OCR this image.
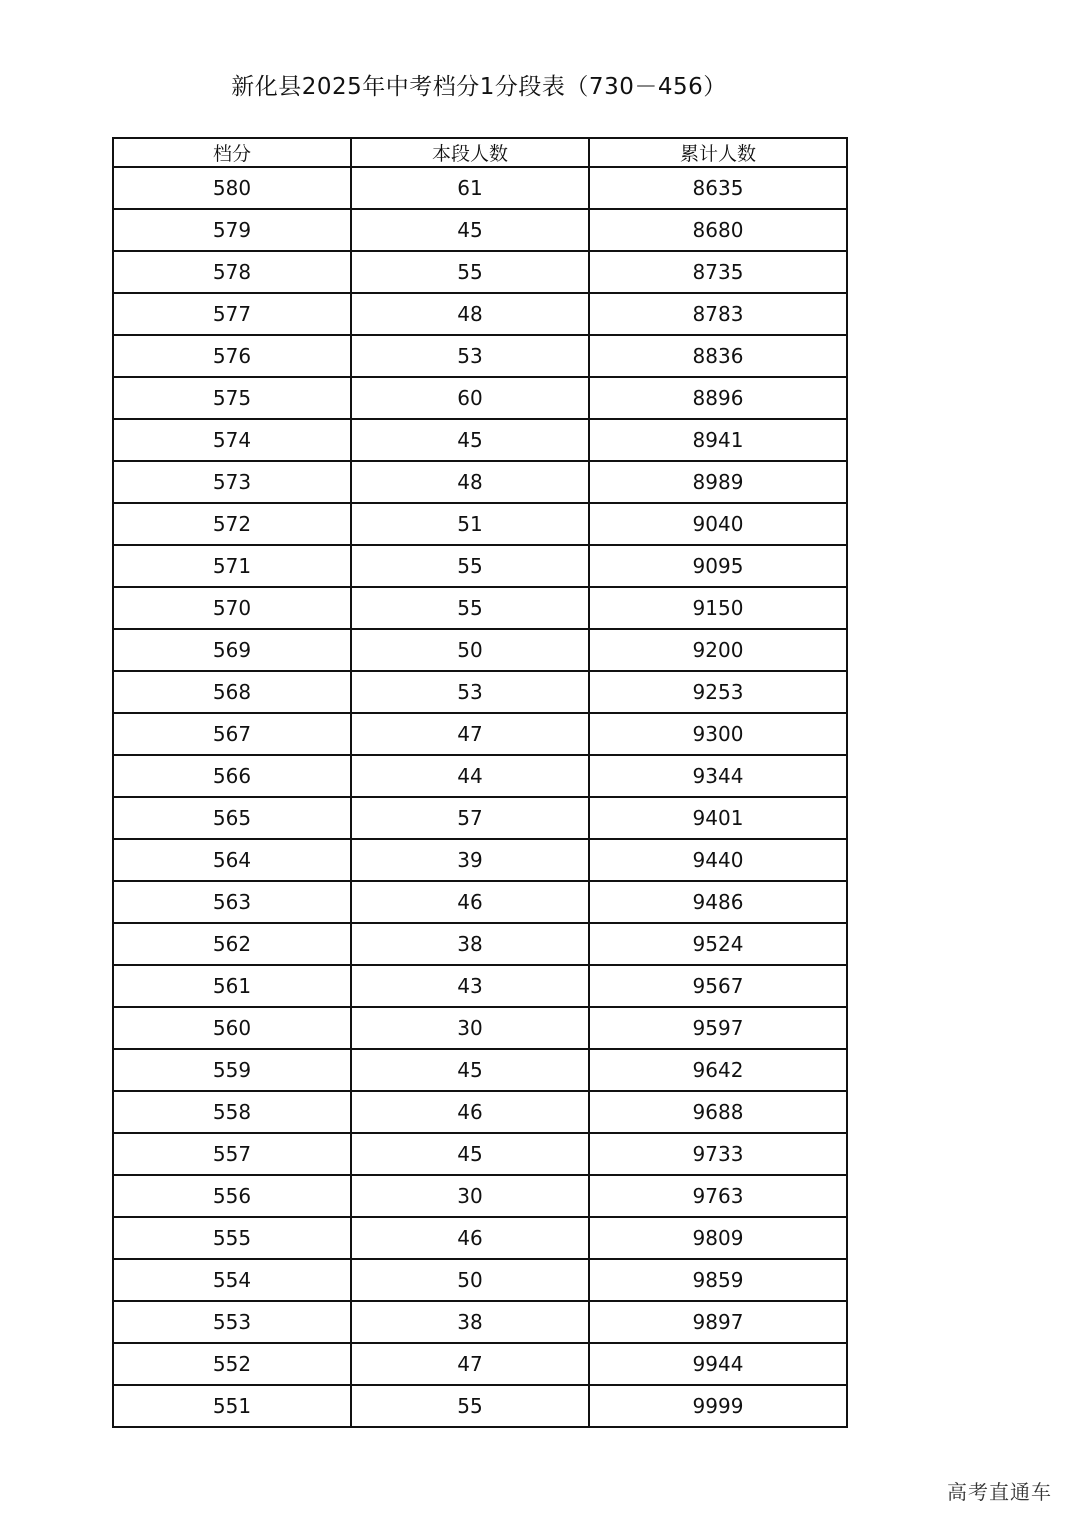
新化县2025年中考档分1分段表（730－456）
档分	本段人数	累计人数
580	61	8635
579	45	8680
578	55	8735
577	48	8783
576	53	8836
575	60	8896
574	45	8941
573	48	8989
572	51	9040
571	55	9095
570	55	9150
569	50	9200
568	53	9253
567	47	9300
566	44	9344
565	57	9401
564	39	9440
563	46	9486
562	38	9524
561	43	9567
560	30	9597
559	45	9642
558	46	9688
557	45	9733
556	30	9763
555	46	9809
554	50	9859
553	38	9897
552	47	9944
551	55	9999
高考直通车
